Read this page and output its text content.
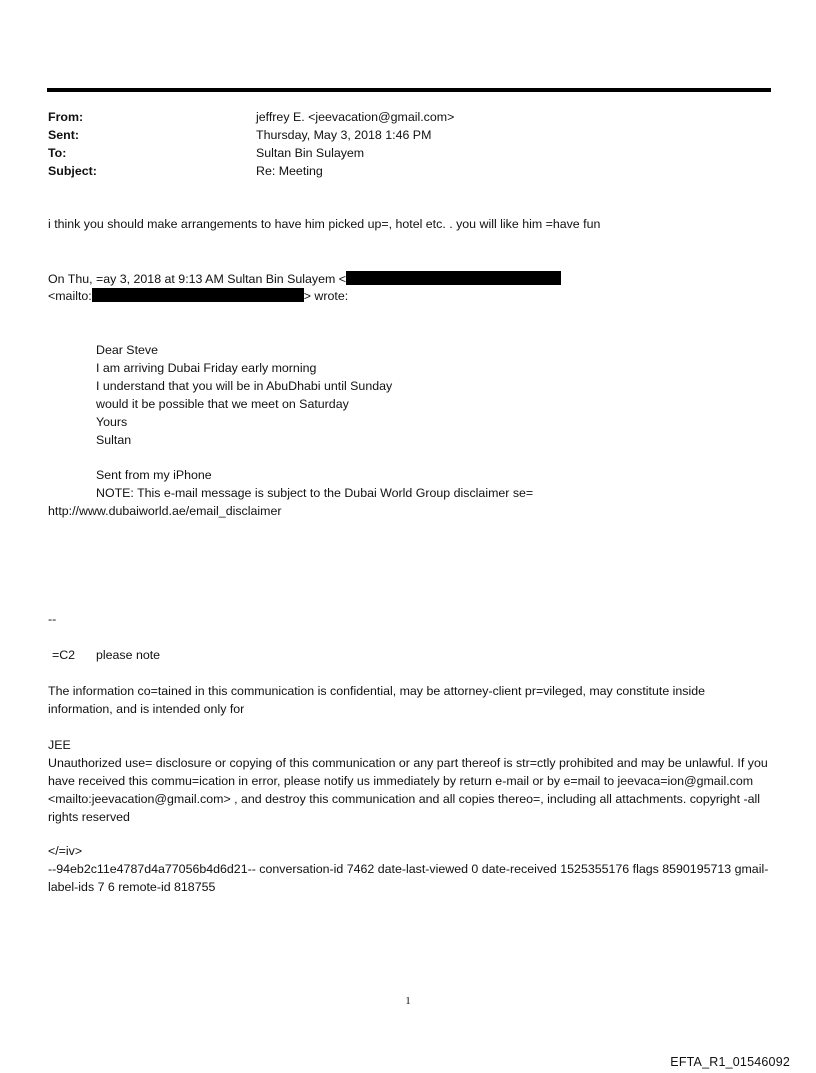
From:	jeffrey E. <jeevacation@gmail.com>
Sent:	Thursday, May 3, 2018 1:46 PM
To:	Sultan Bin Sulayem
Subject:	Re: Meeting
i think you should make arrangements to have him picked up=, hotel etc. . you will like him =have fun
On Thu, =ay 3, 2018 at 9:13 AM Sultan Bin Sulayem <
<mailto:	> wrote:
Dear Steve
I am arriving Dubai Friday early morning
I understand that you will be in AbuDhabi until Sunday
would it be possible that we meet on Saturday
Yours
Sultan
Sent from my iPhone
NOTE: This e-mail message is subject to the Dubai World Group disclaimer se=
http://www.dubaiworld.ae/email_disclaimer
--
=C2 please note
The information co=tained in this communication is confidential, may be attorney-client pr=vileged, may constitute inside information, and is intended only for
JEE
Unauthorized use= disclosure or copying of this communication or any part thereof is str=ctly prohibited and may be unlawful. If you have received this commu=ication in error, please notify us immediately by return e-mail or by e=mail to jeevaca=ion@gmail.com <mailto:jeevacation@gmail.com> , and destroy this communication and all copies thereo=, including all attachments. copyright -all rights reserved
</=iv>
--94eb2c11e4787d4a77056b4d6d21-- conversation-id 7462 date-last-viewed 0 date-received 1525355176 flags 8590195713 gmail-label-ids 7 6 remote-id 818755
1
EFTA_R1_01546092
